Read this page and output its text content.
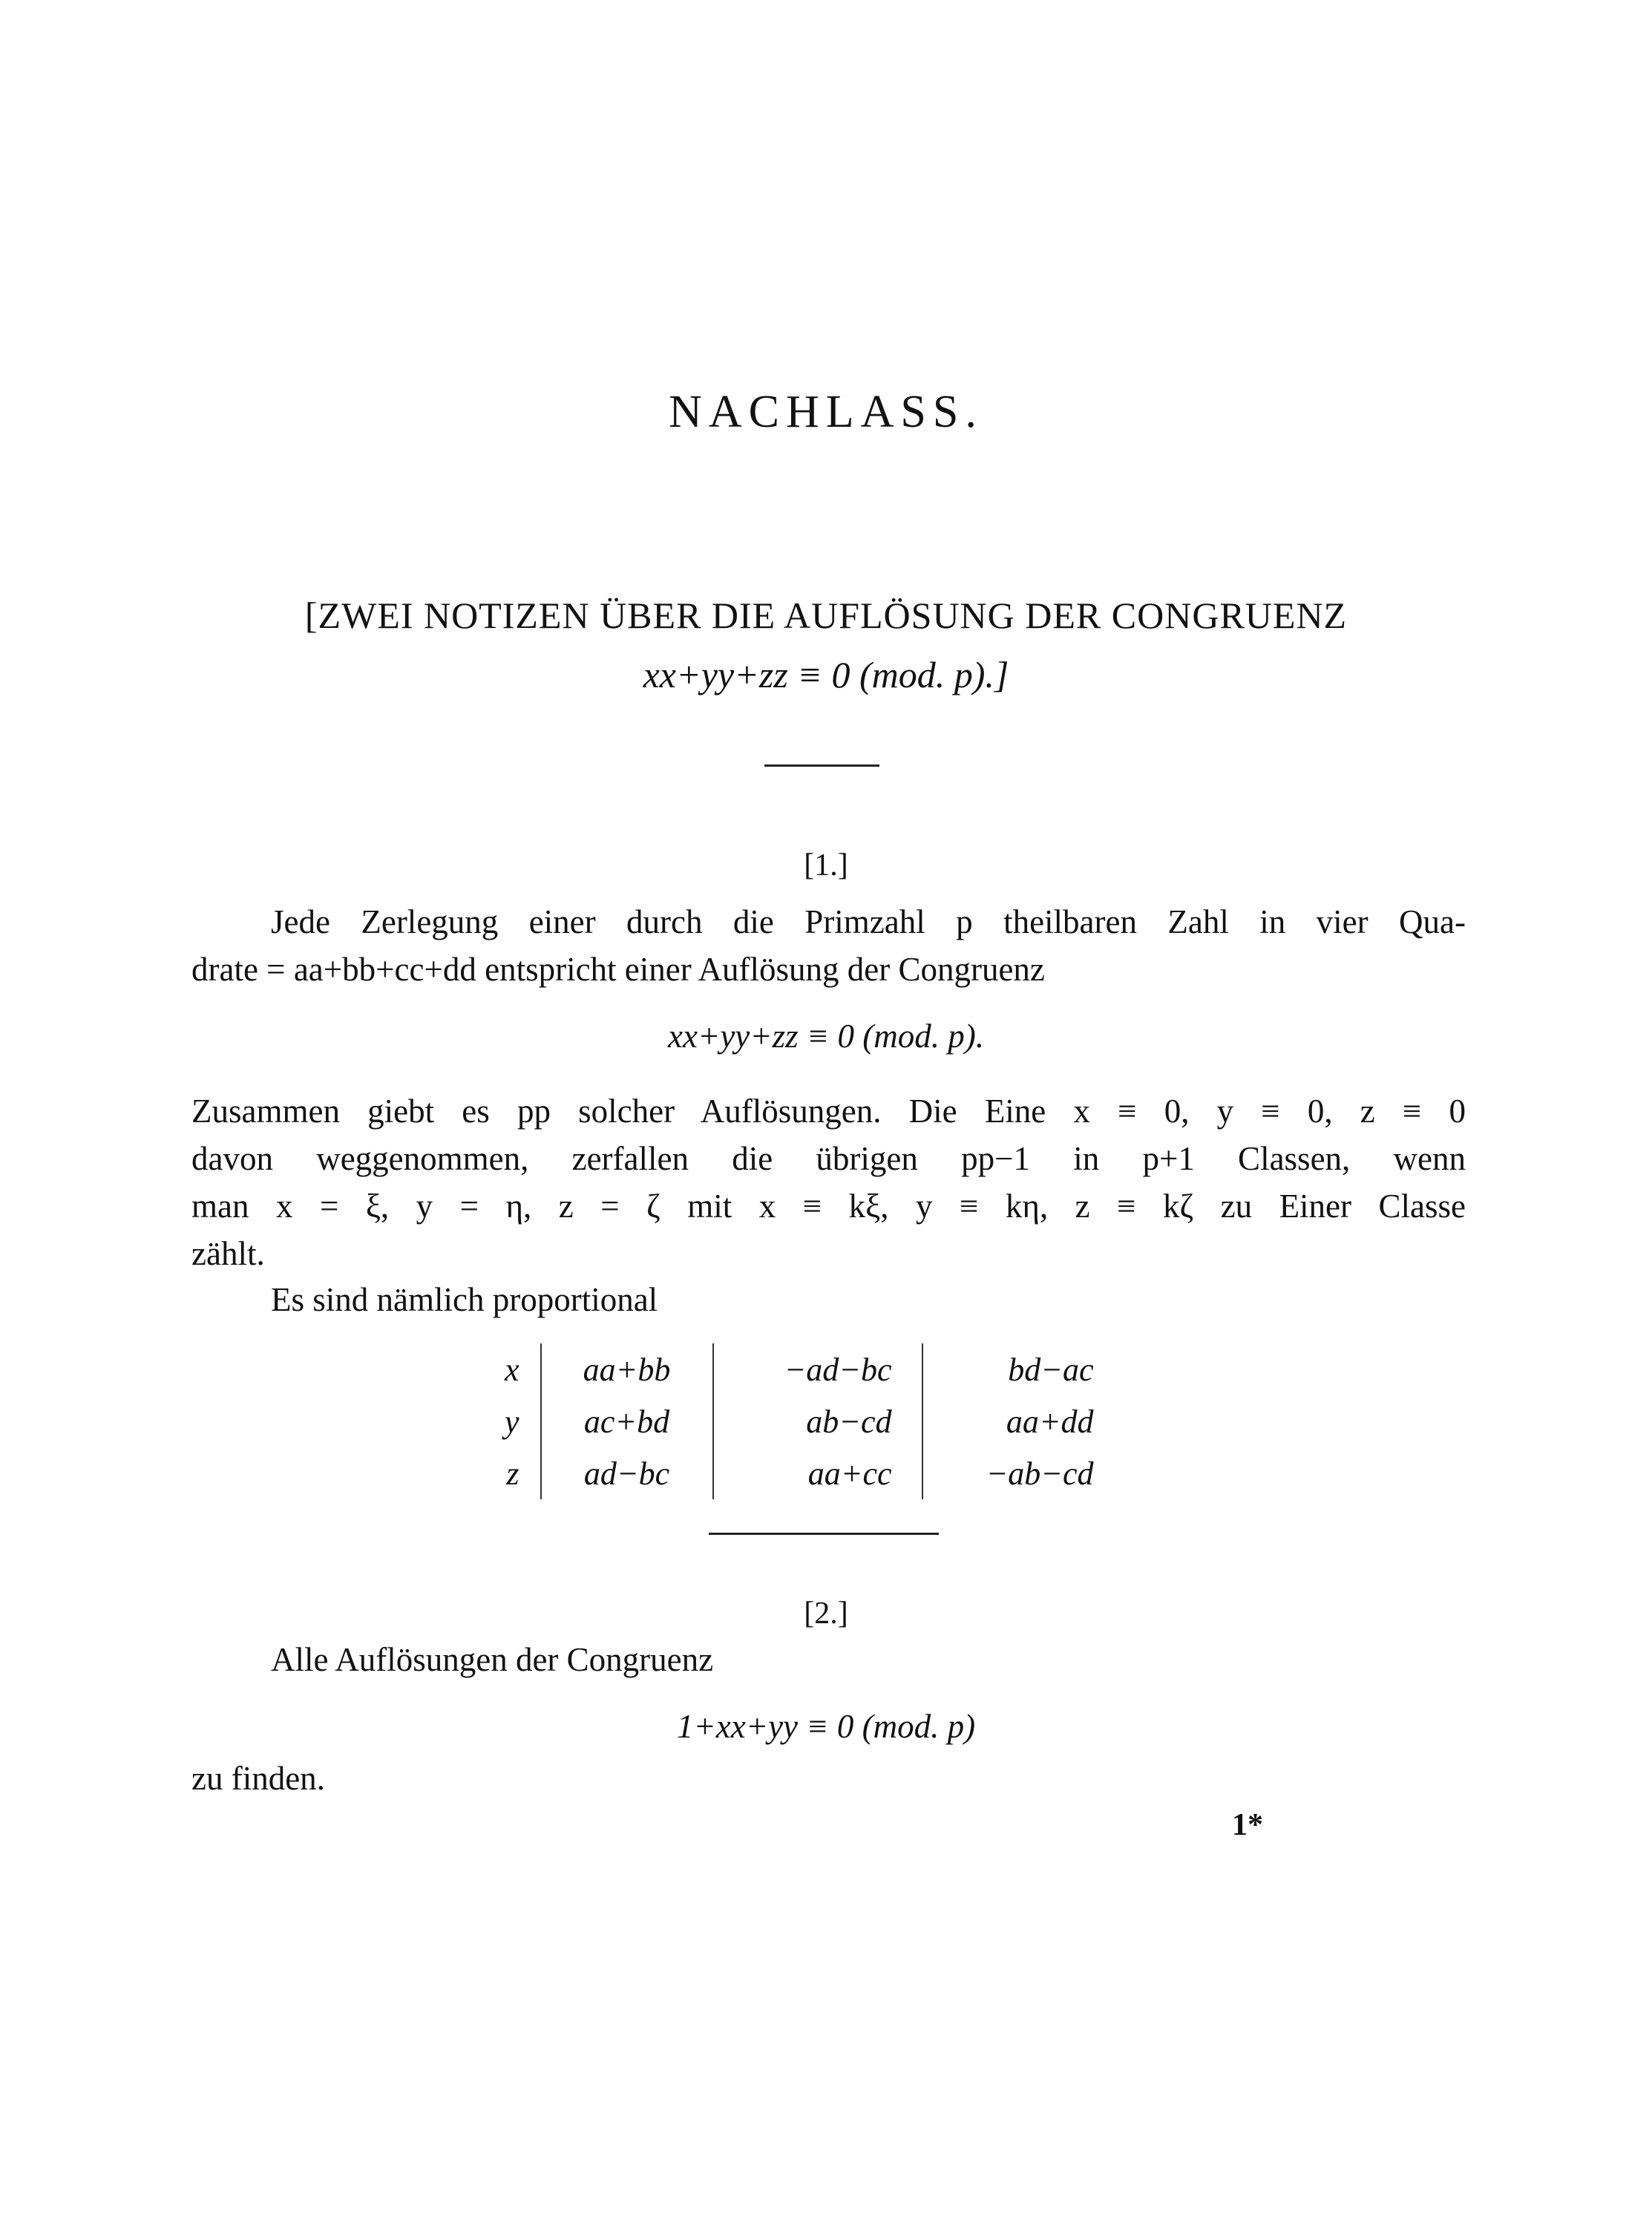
NACHLASS.
[ZWEI NOTIZEN ÜBER DIE AUFLÖSUNG DER CONGRUENZ
xx+yy+zz ≡ 0 (mod. p).]
[1.]
Jede Zerlegung einer durch die Primzahl p theilbaren Zahl in vier Qua-
drate = aa+bb+cc+dd entspricht einer Auflösung der Congruenz
xx+yy+zz ≡ 0 (mod. p).
Zusammen giebt es pp solcher Auflösungen. Die Eine x ≡ 0, y ≡ 0, z ≡ 0
davon weggenommen, zerfallen die übrigen pp−1 in p+1 Classen, wenn
man x = ξ, y = η, z = ζ mit x ≡ kξ, y ≡ kη, z ≡ kζ zu Einer Classe
zählt.
Es sind nämlich proportional
x	aa+bb	−ad−bc	bd−ac
y	ac+bd	ab−cd	aa+dd
z	ad−bc	aa+cc	−ab−cd
[2.]
Alle Auflösungen der Congruenz
1+xx+yy ≡ 0 (mod. p)
zu finden.
1*
